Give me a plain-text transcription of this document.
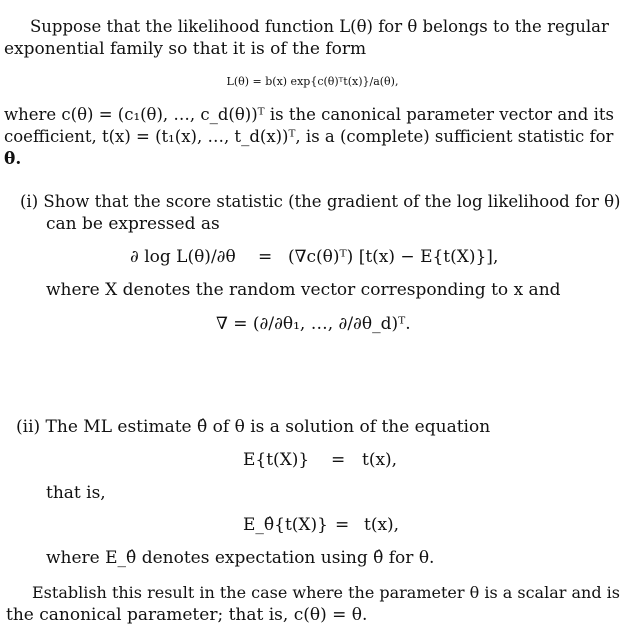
Suppose that the likelihood function L(θ) for θ belongs to the regular
exponential family so that it is of the form
L(θ) = b(x) exp{c(θ)ᵀt(x)}/a(θ),
where c(θ) = (c₁(θ), …, c_d(θ))ᵀ is the canonical parameter vector and its
coefficient, t(x) = (t₁(x), …, t_d(x))ᵀ, is a (complete) sufficient statistic for
θ.
(i) Show that the score statistic (the gradient of the log likelihood for θ)
can be expressed as
∂ log L(θ)/∂θ = (∇c(θ)ᵀ) [t(x) − E{t(X)}],
where X denotes the random vector corresponding to x and
∇ = (∂/∂θ₁, …, ∂/∂θ_d)ᵀ.
(ii) The ML estimate θ̂ of θ is a solution of the equation
E{t(X)} = t(x),
that is,
E_θ̂{t(X)} = t(x),
where E_θ̂ denotes expectation using θ̂ for θ.
Establish this result in the case where the parameter θ is a scalar and is
the canonical parameter; that is, c(θ) = θ.
